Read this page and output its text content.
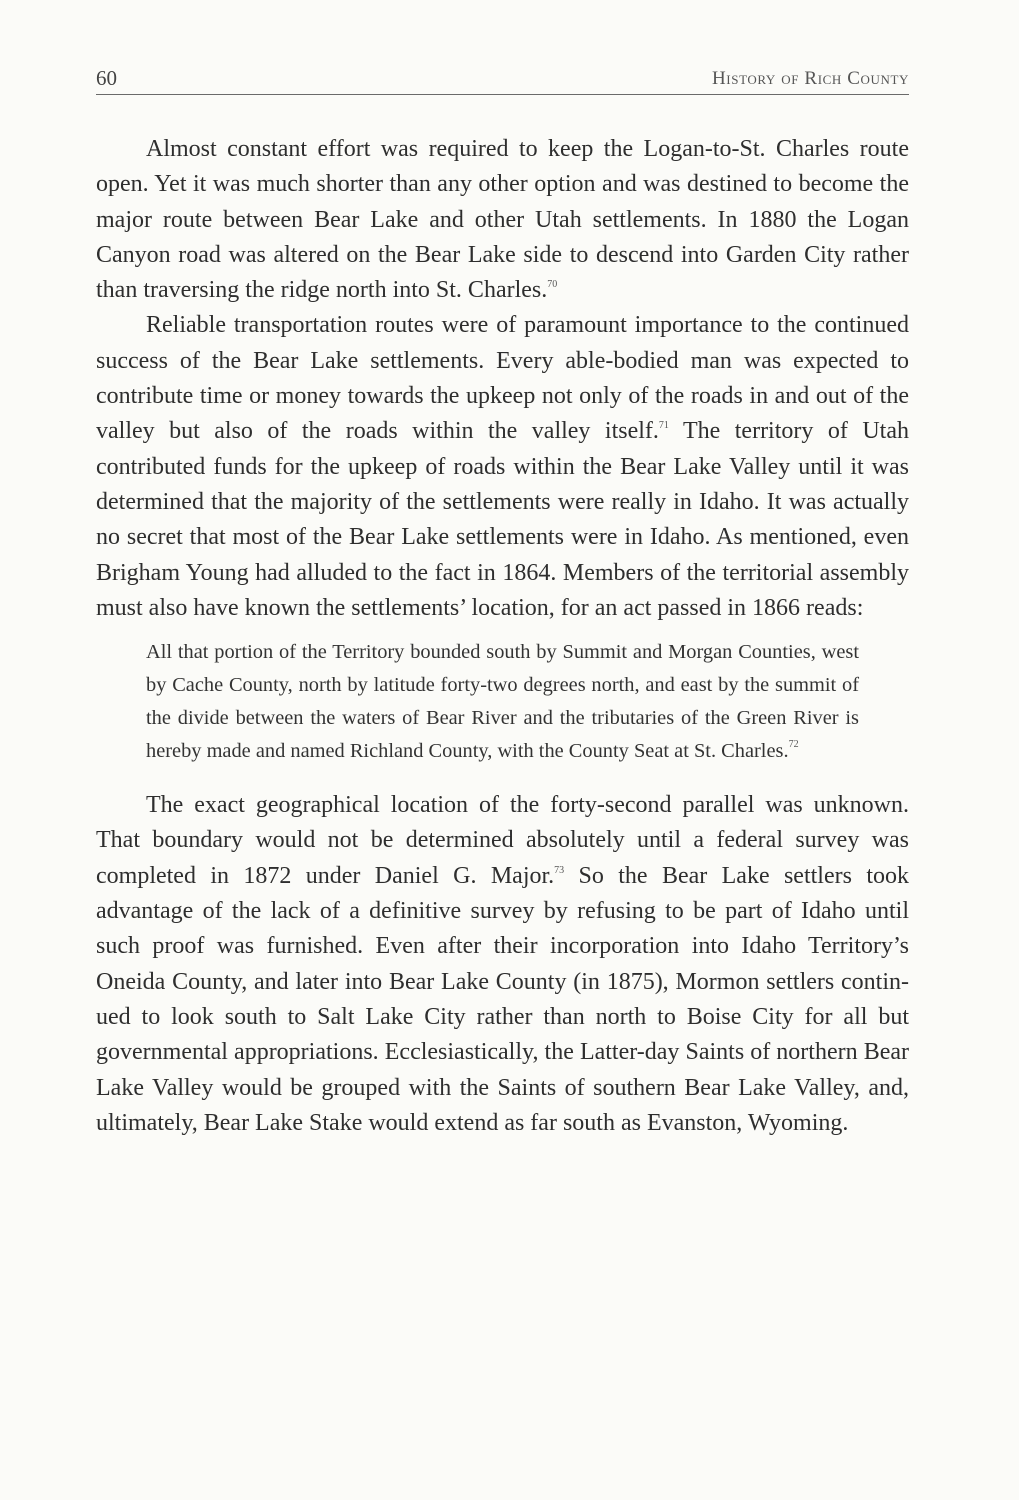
60	History of Rich County

Almost constant effort was required to keep the Logan-to-St. Charles route open. Yet it was much shorter than any other option and was destined to become the major route between Bear Lake and other Utah settlements. In 1880 the Logan Canyon road was altered on the Bear Lake side to descend into Garden City rather than traversing the ridge north into St. Charles.$^{70}$

Reliable transportation routes were of paramount importance to the continued success of the Bear Lake settlements. Every able-bodied man was expected to contribute time or money towards the upkeep not only of the roads in and out of the valley but also of the roads within the valley itself.$^{71}$ The territory of Utah contributed funds for the upkeep of roads within the Bear Lake Valley until it was determined that the majority of the settlements were really in Idaho. It was actually no secret that most of the Bear Lake settlements were in Idaho. As mentioned, even Brigham Young had alluded to the fact in 1864. Members of the territorial assembly must also have known the settlements’ location, for an act passed in 1866 reads:

All that portion of the Territory bounded south by Summit and Morgan Counties, west by Cache County, north by latitude forty-two degrees north, and east by the summit of the divide between the waters of Bear River and the tributaries of the Green River is hereby made and named Richland County, with the County Seat at St. Charles.$^{72}$

The exact geographical location of the forty-second parallel was unknown. That boundary would not be determined absolutely until a federal survey was completed in 1872 under Daniel G. Major.$^{73}$ So the Bear Lake settlers took advantage of the lack of a definitive survey by refusing to be part of Idaho until such proof was furnished. Even after their incorporation into Idaho Territory’s Oneida County, and later into Bear Lake County (in 1875), Mormon settlers continued to look south to Salt Lake City rather than north to Boise City for all but governmental appropriations. Ecclesiastically, the Latter-day Saints of northern Bear Lake Valley would be grouped with the Saints of southern Bear Lake Valley, and, ultimately, Bear Lake Stake would extend as far south as Evanston, Wyoming.
